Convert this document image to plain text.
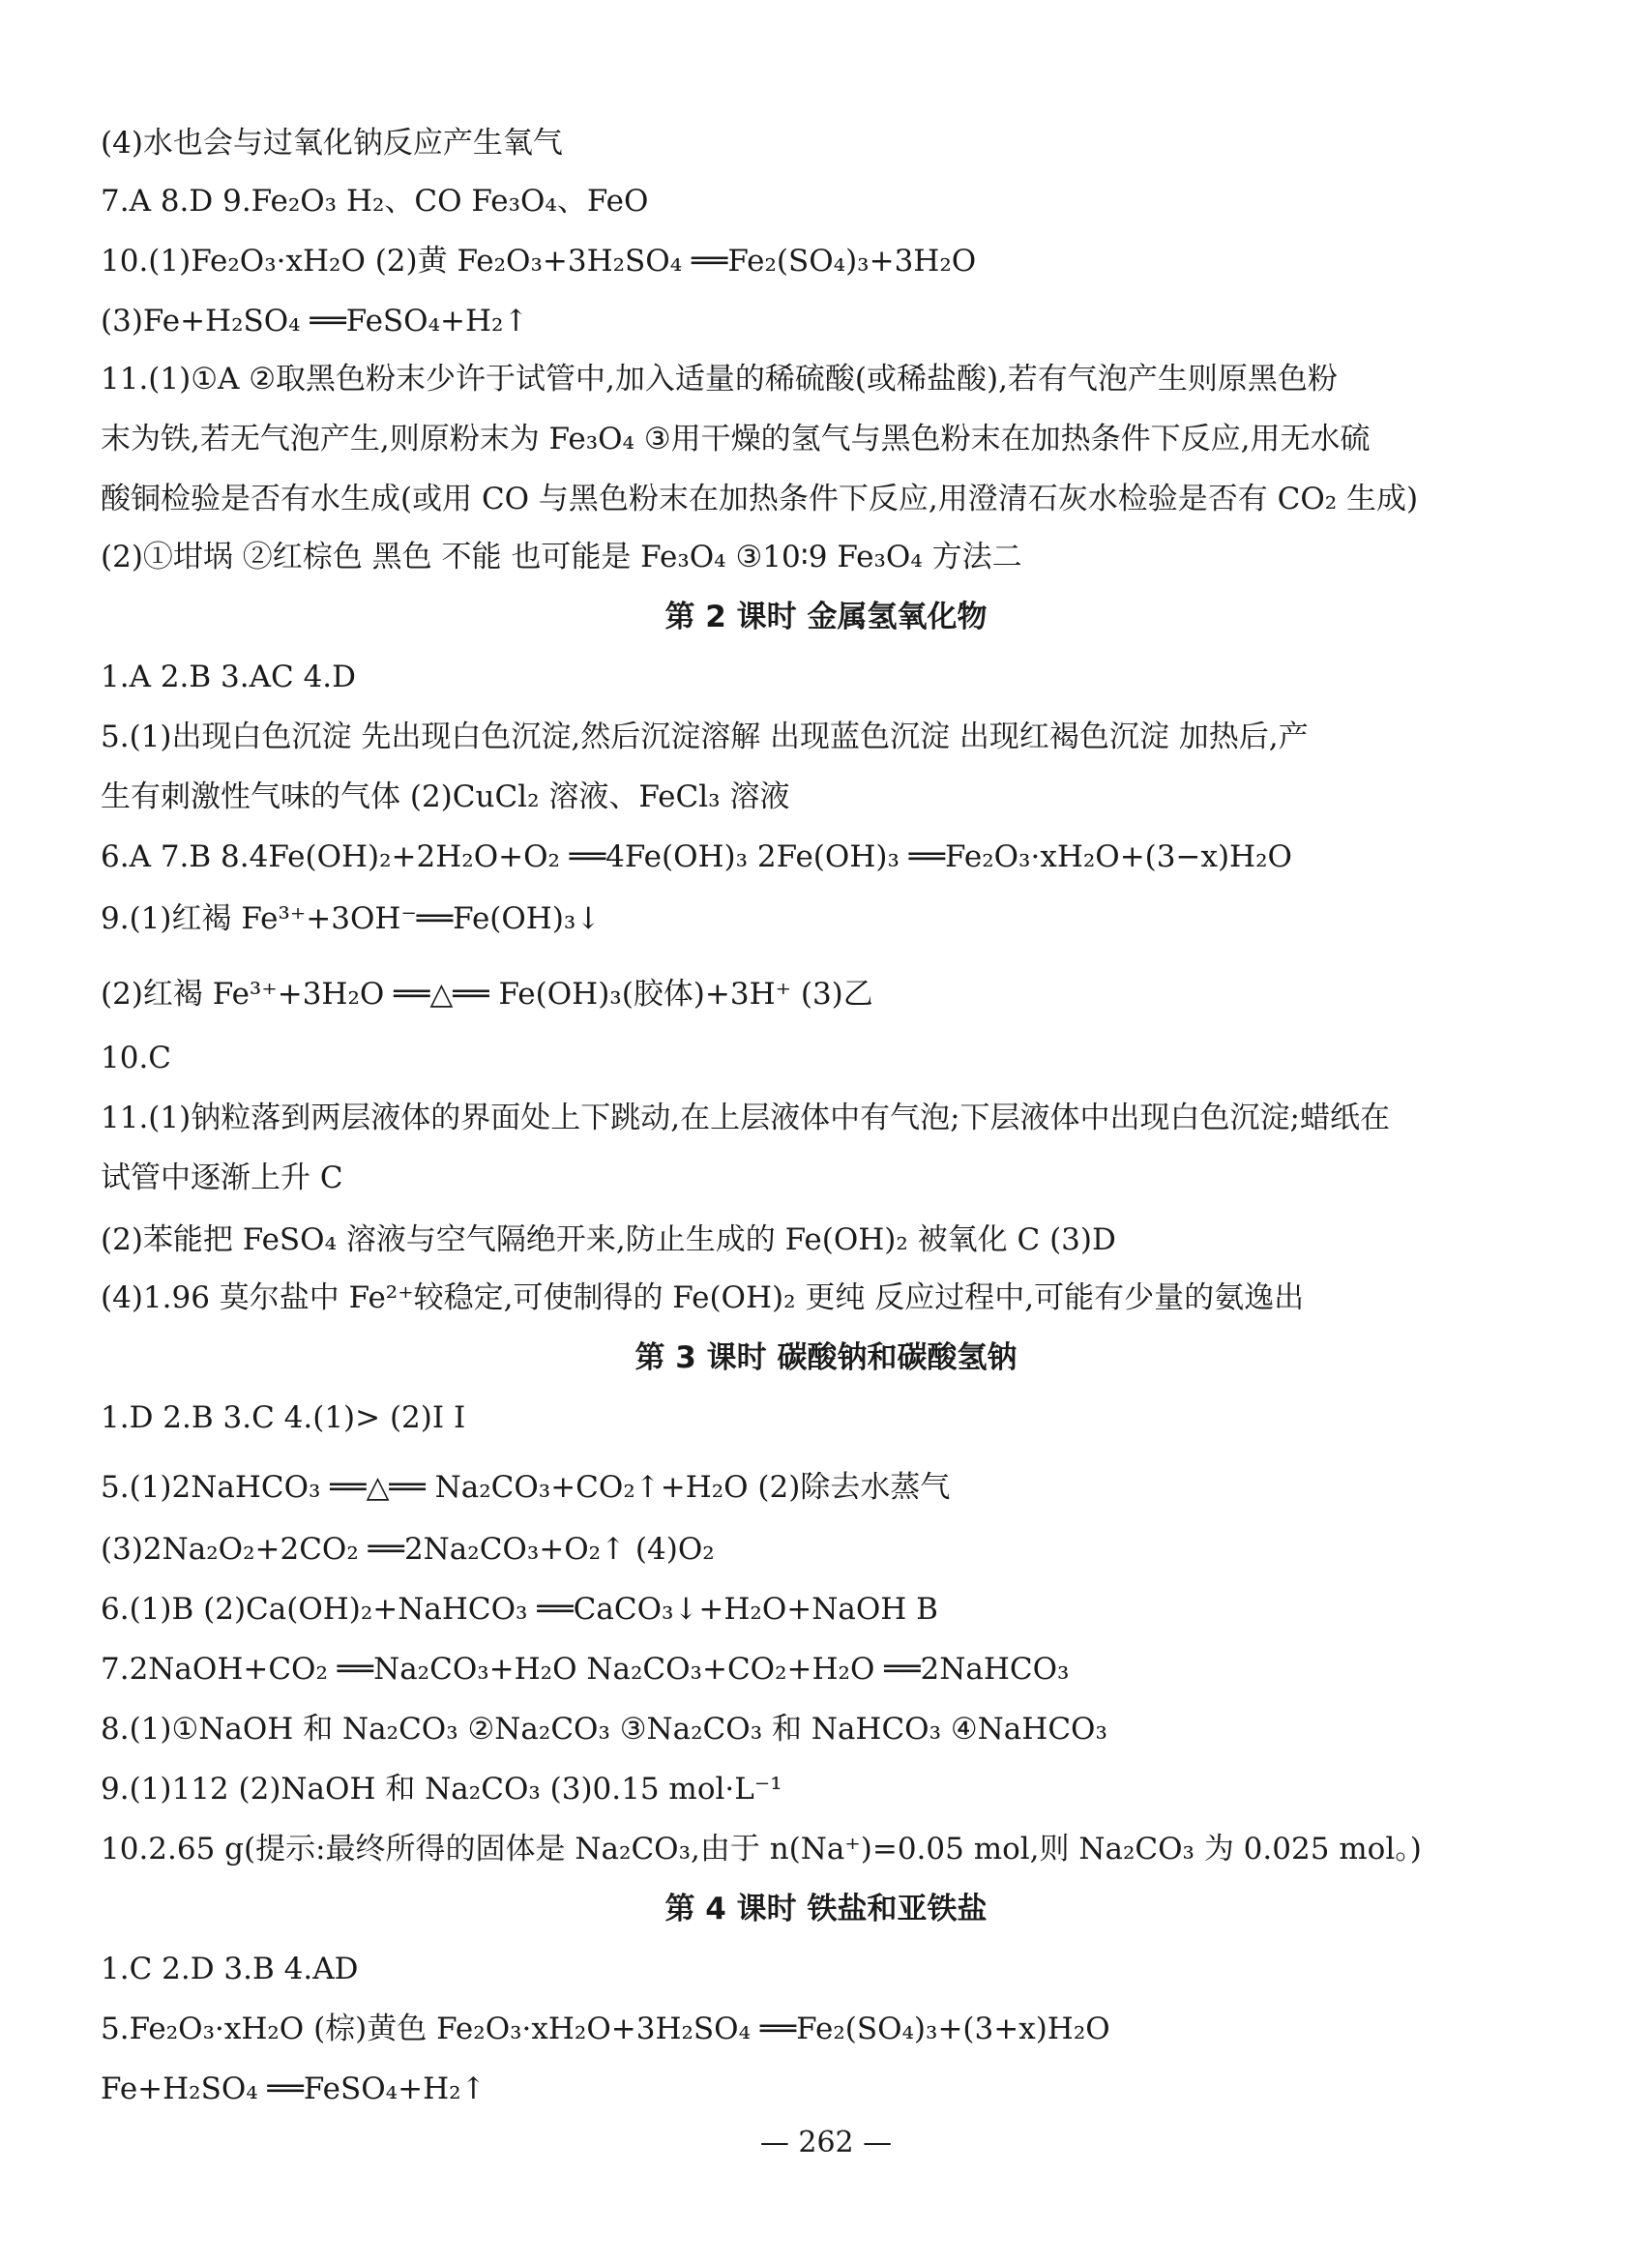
(4)水也会与过氧化钠反应产生氧气
7.A 8.D 9.Fe₂O₃ H₂、CO Fe₃O₄、FeO
10.(1)Fe₂O₃·xH₂O (2)黄 Fe₂O₃+3H₂SO₄ ══Fe₂(SO₄)₃+3H₂O
(3)Fe+H₂SO₄ ══FeSO₄+H₂↑
11.(1)①A ②取黑色粉末少许于试管中,加入适量的稀硫酸(或稀盐酸),若有气泡产生则原黑色粉
末为铁,若无气泡产生,则原粉末为 Fe₃O₄ ③用干燥的氢气与黑色粉末在加热条件下反应,用无水硫
酸铜检验是否有水生成(或用 CO 与黑色粉末在加热条件下反应,用澄清石灰水检验是否有 CO₂ 生成)
(2)①坩埚 ②红棕色 黑色 不能 也可能是 Fe₃O₄ ③10∶9 Fe₃O₄ 方法二
第 2 课时 金属氢氧化物
1.A 2.B 3.AC 4.D
5.(1)出现白色沉淀 先出现白色沉淀,然后沉淀溶解 出现蓝色沉淀 出现红褐色沉淀 加热后,产
生有刺激性气味的气体 (2)CuCl₂ 溶液、FeCl₃ 溶液
6.A 7.B 8.4Fe(OH)₂+2H₂O+O₂ ══4Fe(OH)₃ 2Fe(OH)₃ ══Fe₂O₃·xH₂O+(3−x)H₂O
9.(1)红褐 Fe³⁺+3OH⁻══Fe(OH)₃↓
(2)红褐 Fe³⁺+3H₂O ══△══ Fe(OH)₃(胶体)+3H⁺ (3)乙
10.C
11.(1)钠粒落到两层液体的界面处上下跳动,在上层液体中有气泡;下层液体中出现白色沉淀;蜡纸在
试管中逐渐上升 C
(2)苯能把 FeSO₄ 溶液与空气隔绝开来,防止生成的 Fe(OH)₂ 被氧化 C (3)D
(4)1.96 莫尔盐中 Fe²⁺较稳定,可使制得的 Fe(OH)₂ 更纯 反应过程中,可能有少量的氨逸出
第 3 课时 碳酸钠和碳酸氢钠
1.D 2.B 3.C 4.(1)> (2)I I
5.(1)2NaHCO₃ ══△══ Na₂CO₃+CO₂↑+H₂O (2)除去水蒸气
(3)2Na₂O₂+2CO₂ ══2Na₂CO₃+O₂↑ (4)O₂
6.(1)B (2)Ca(OH)₂+NaHCO₃ ══CaCO₃↓+H₂O+NaOH B
7.2NaOH+CO₂ ══Na₂CO₃+H₂O Na₂CO₃+CO₂+H₂O ══2NaHCO₃
8.(1)①NaOH 和 Na₂CO₃ ②Na₂CO₃ ③Na₂CO₃ 和 NaHCO₃ ④NaHCO₃
9.(1)112 (2)NaOH 和 Na₂CO₃ (3)0.15 mol·L⁻¹
10.2.65 g(提示:最终所得的固体是 Na₂CO₃,由于 n(Na⁺)=0.05 mol,则 Na₂CO₃ 为 0.025 mol。)
第 4 课时 铁盐和亚铁盐
1.C 2.D 3.B 4.AD
5.Fe₂O₃·xH₂O (棕)黄色 Fe₂O₃·xH₂O+3H₂SO₄ ══Fe₂(SO₄)₃+(3+x)H₂O
Fe+H₂SO₄ ══FeSO₄+H₂↑
— 262 —
